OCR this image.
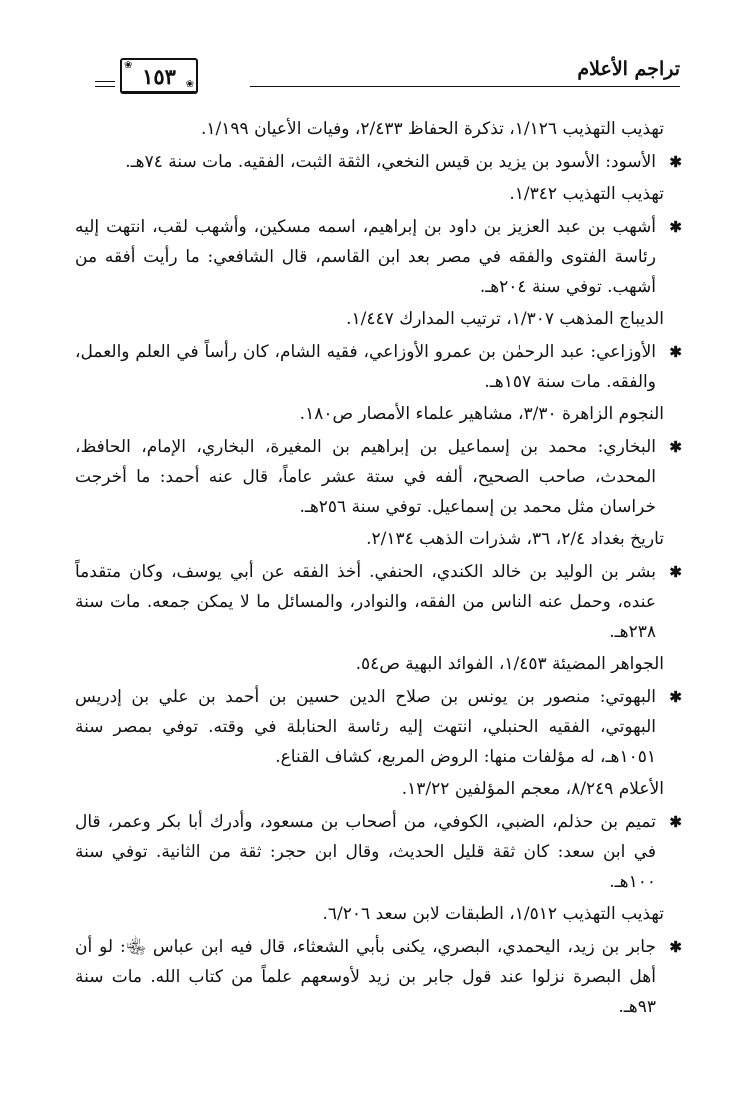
❀ ١٥٣ ❀
تراجم الأعلام

تهذيب التهذيب ١/١٢٦، تذكرة الحفاظ ٢/٤٣٣، وفيات الأعيان ١/١٩٩.

✱
الأسود: الأسود بن يزيد بن قيس النخعي، الثقة الثبت، الفقيه. مات سنة ٧٤هـ.

تهذيب التهذيب ١/٣٤٢.

✱
أشهب بن عبد العزيز بن داود بن إبراهيم، اسمه مسكين، وأشهب لقب، انتهت إليه رئاسة الفتوى والفقه في مصر بعد ابن القاسم، قال الشافعي: ما رأيت أفقه من أشهب. توفي سنة ٢٠٤هـ.

الديباج المذهب ١/٣٠٧، ترتيب المدارك ١/٤٤٧.

✱
الأوزاعي: عبد الرحمٰن بن عمرو الأوزاعي، فقيه الشام، كان رأساً في العلم والعمل، والفقه. مات سنة ١٥٧هـ.

النجوم الزاهرة ٣/٣٠، مشاهير علماء الأمصار ص١٨٠.

✱
البخاري: محمد بن إسماعيل بن إبراهيم بن المغيرة، البخاري، الإمام، الحافظ، المحدث، صاحب الصحيح، ألفه في ستة عشر عاماً، قال عنه أحمد: ما أخرجت خراسان مثل محمد بن إسماعيل. توفي سنة ٢٥٦هـ.

تاريخ بغداد ٢/٤، ٣٦، شذرات الذهب ٢/١٣٤.

✱
بشر بن الوليد بن خالد الكندي، الحنفي. أخذ الفقه عن أبي يوسف، وكان متقدماً عنده، وحمل عنه الناس من الفقه، والنوادر، والمسائل ما لا يمكن جمعه. مات سنة ٢٣٨هـ.

الجواهر المضيئة ١/٤٥٣، الفوائد البهية ص٥٤.

✱
البهوتي: منصور بن يونس بن صلاح الدين حسين بن أحمد بن علي بن إدريس البهوتي، الفقيه الحنبلي، انتهت إليه رئاسة الحنابلة في وقته. توفي بمصر سنة ١٠٥١هـ، له مؤلفات منها: الروض المربع، كشاف القناع.

الأعلام ٨/٢٤٩، معجم المؤلفين ١٣/٢٢.

✱
تميم بن حذلم، الضبي، الكوفي، من أصحاب بن مسعود، وأدرك أبا بكر وعمر، قال في ابن سعد: كان ثقة قليل الحديث، وقال ابن حجر: ثقة من الثانية. توفي سنة ١٠٠هـ.

تهذيب التهذيب ١/٥١٢، الطبقات لابن سعد ٦/٢٠٦.

✱
جابر بن زيد، اليحمدي، البصري، يكنى بأبي الشعثاء، قال فيه ابن عباس ﵄: لو أن أهل البصرة نزلوا عند قول جابر بن زيد لأوسعهم علماً من كتاب الله. مات سنة ٩٣هـ.
